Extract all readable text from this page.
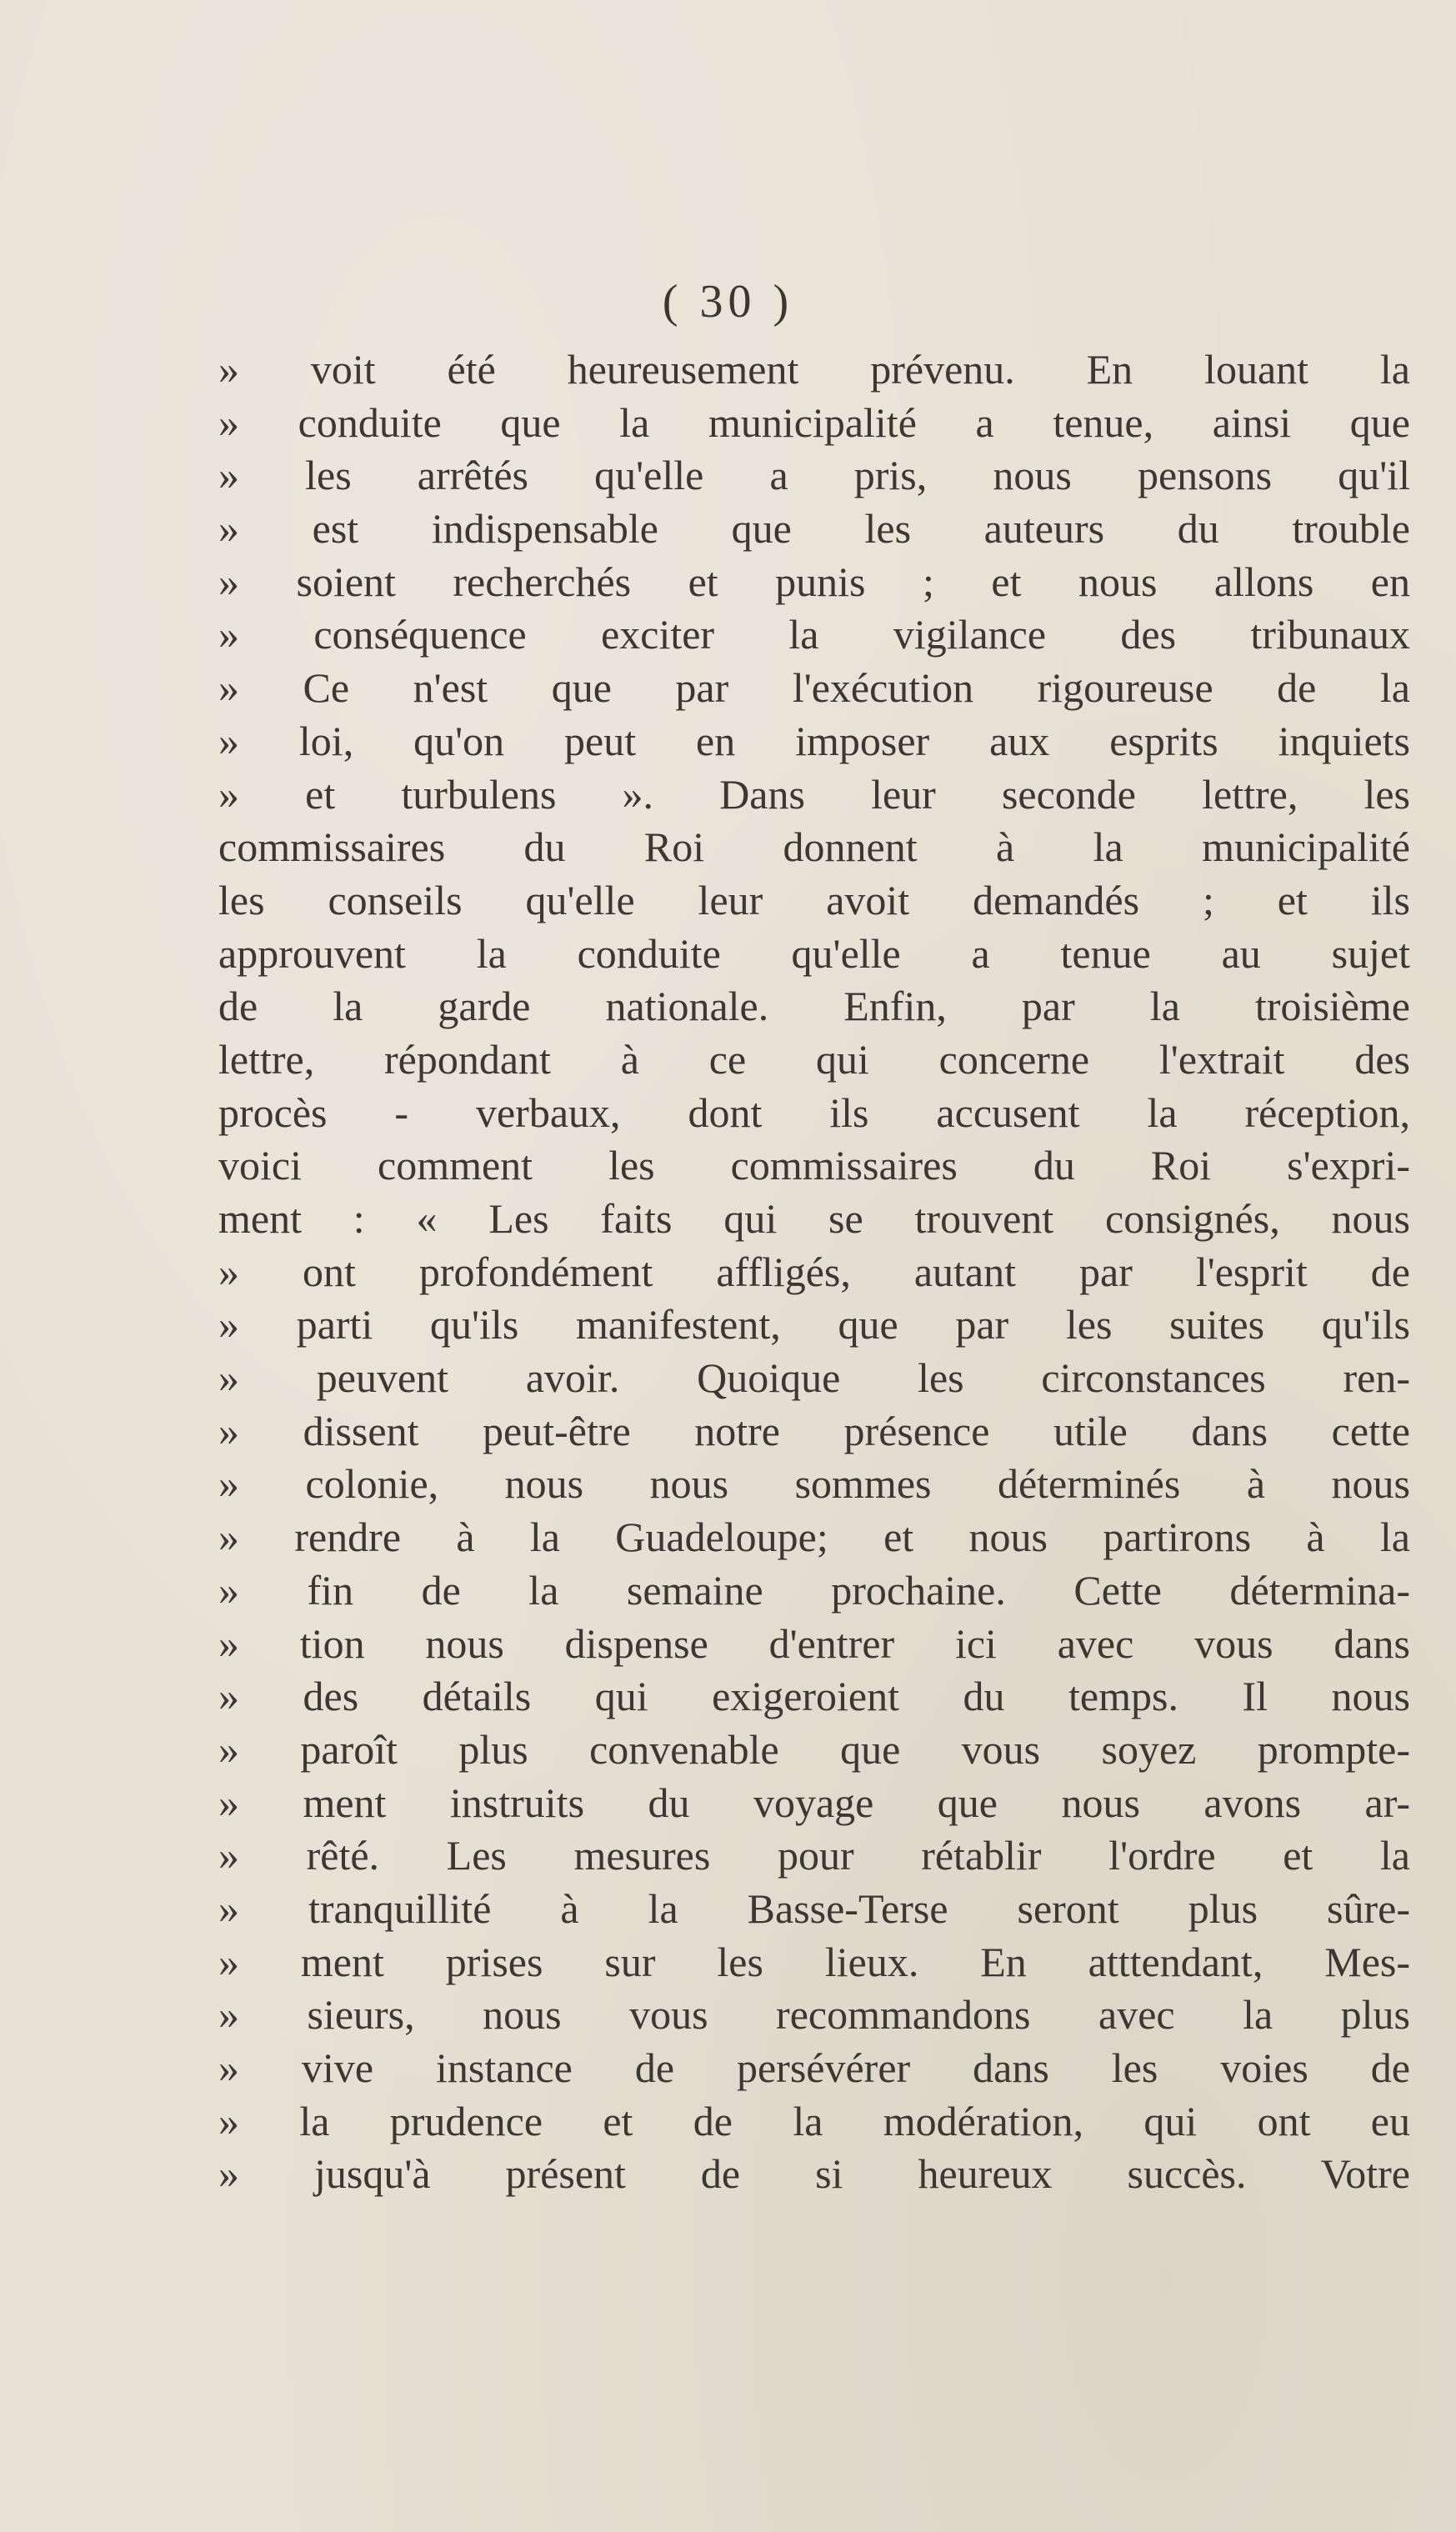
( 30 )
» voit été heureusement prévenu. En louant la
» conduite que la municipalité a tenue, ainsi que
» les arrêtés qu'elle a pris, nous pensons qu'il
» est indispensable que les auteurs du trouble
» soient recherchés et punis ; et nous allons en
» conséquence exciter la vigilance des tribunaux
» Ce n'est que par l'exécution rigoureuse de la
» loi, qu'on peut en imposer aux esprits inquiets
» et turbulens ». Dans leur seconde lettre, les
commissaires du Roi donnent à la municipalité
les conseils qu'elle leur avoit demandés ; et ils
approuvent la conduite qu'elle a tenue au sujet
de la garde nationale. Enfin, par la troisième
lettre, répondant à ce qui concerne l'extrait des
procès - verbaux, dont ils accusent la réception,
voici comment les commissaires du Roi s'expri-
ment : « Les faits qui se trouvent consignés, nous
» ont profondément affligés, autant par l'esprit de
» parti qu'ils manifestent, que par les suites qu'ils
» peuvent avoir. Quoique les circonstances ren-
» dissent peut-être notre présence utile dans cette
» colonie, nous nous sommes déterminés à nous
» rendre à la Guadeloupe; et nous partirons à la
» fin de la semaine prochaine. Cette détermina-
» tion nous dispense d'entrer ici avec vous dans
» des détails qui exigeroient du temps. Il nous
» paroît plus convenable que vous soyez prompte-
» ment instruits du voyage que nous avons ar-
» rêté. Les mesures pour rétablir l'ordre et la
» tranquillité à la Basse-Terse seront plus sûre-
» ment prises sur les lieux. En atttendant, Mes-
» sieurs, nous vous recommandons avec la plus
» vive instance de persévérer dans les voies de
» la prudence et de la modération, qui ont eu
» jusqu'à présent de si heureux succès. Votre
